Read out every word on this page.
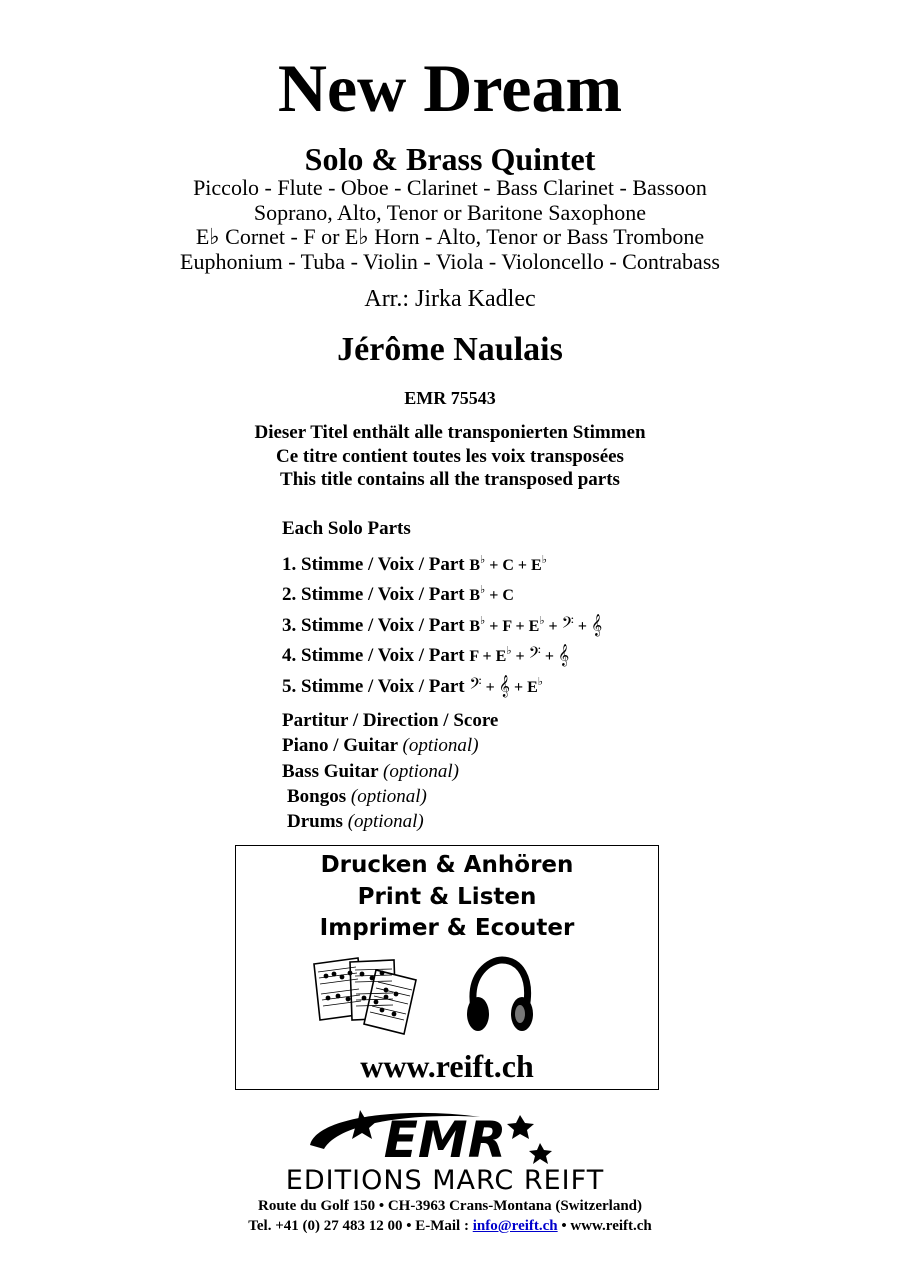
New Dream
Solo & Brass Quintet
Piccolo - Flute - Oboe - Clarinet - Bass Clarinet - Bassoon
Soprano, Alto, Tenor or Baritone Saxophone
E♭ Cornet - F or E♭ Horn - Alto, Tenor or Bass Trombone
Euphonium - Tuba - Violin - Viola - Violoncello - Contrabass
Arr.: Jirka Kadlec
Jérôme Naulais
EMR 75543
Dieser Titel enthält alle transponierten Stimmen
Ce titre contient toutes les voix transposées
This title contains all the transposed parts
Each Solo Parts
1. Stimme / Voix / Part B♭ + C + E♭
2. Stimme / Voix / Part B♭ + C
3. Stimme / Voix / Part B♭ + F + E♭ + 𝄢 + 𝄞
4. Stimme / Voix / Part F + E♭ + 𝄢 + 𝄞
5. Stimme / Voix / Part 𝄢 + 𝄞 + E♭
Partitur / Direction / Score
Piano / Guitar (optional)
Bass Guitar (optional)
Bongos (optional)
Drums (optional)
Drucken & Anhören
Print & Listen
Imprimer & Ecouter
www.reift.ch
EMR
EDITIONS MARC REIFT
Route du Golf 150 • CH-3963 Crans-Montana (Switzerland)
Tel. +41 (0) 27 483 12 00 • E-Mail : info@reift.ch • www.reift.ch
